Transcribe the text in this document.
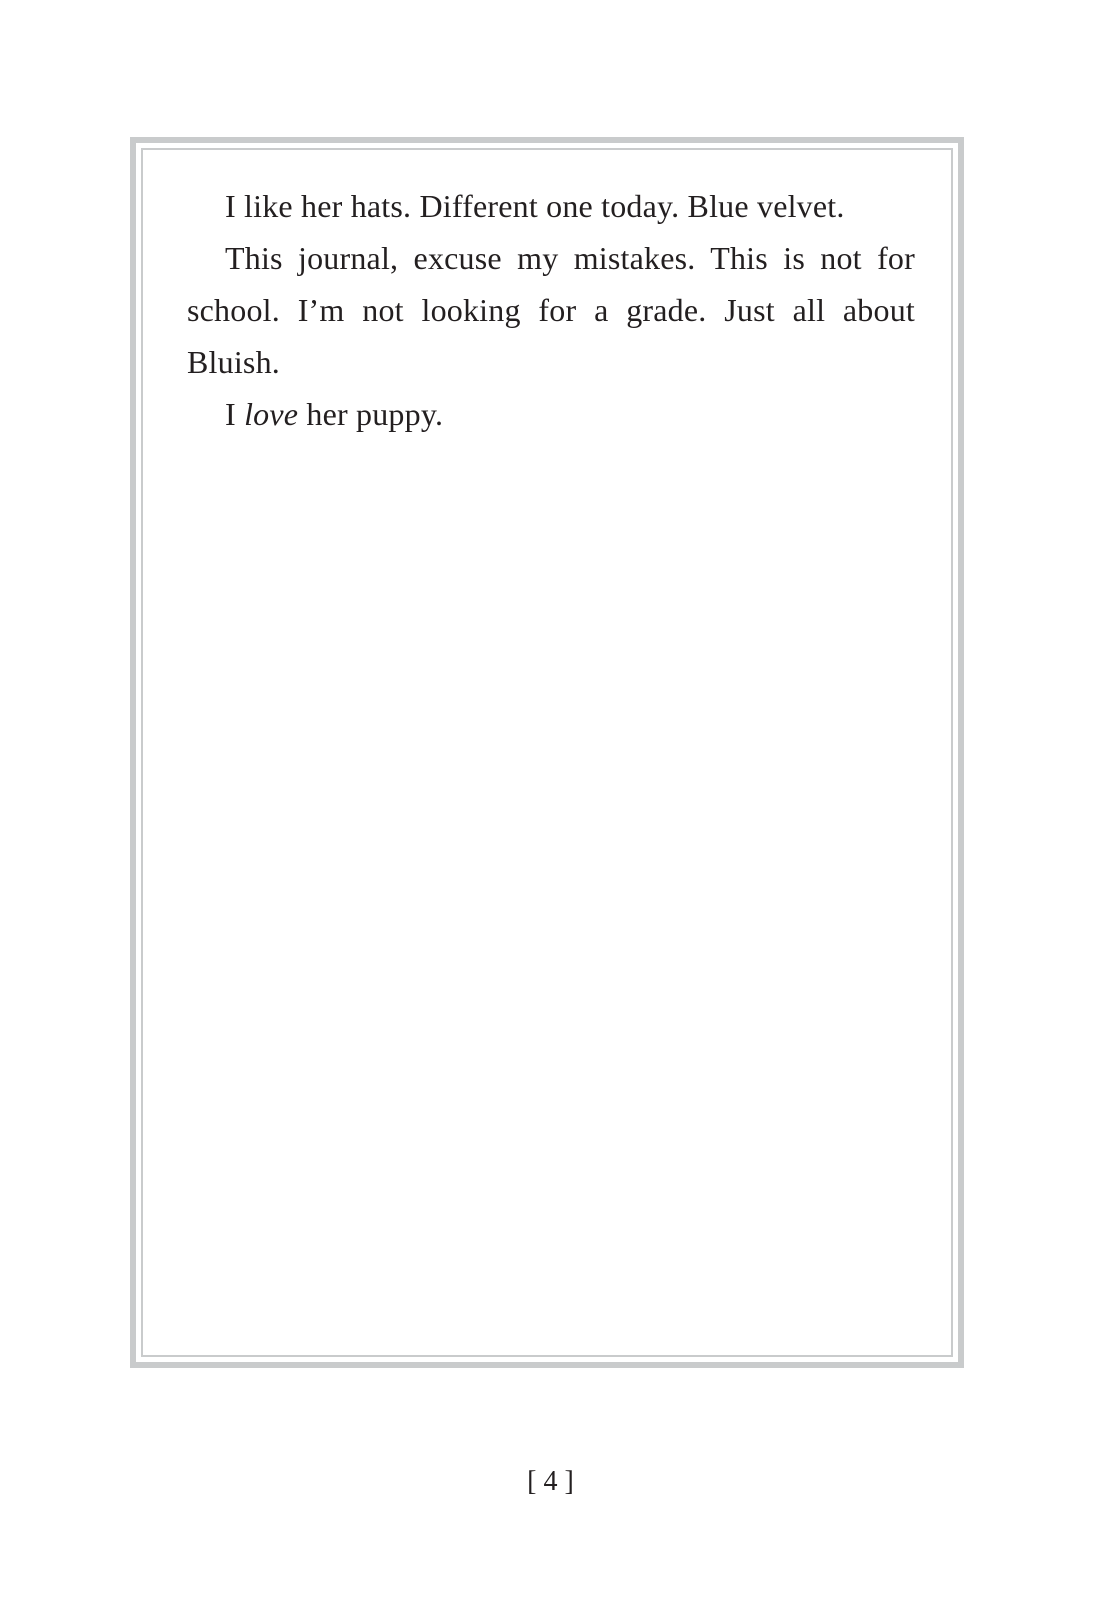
I like her hats. Different one today. Blue velvet.

This journal, excuse my mistakes. This is not for school. I’m not looking for a grade. Just all about Bluish.

I love her puppy.

[ 4 ]
